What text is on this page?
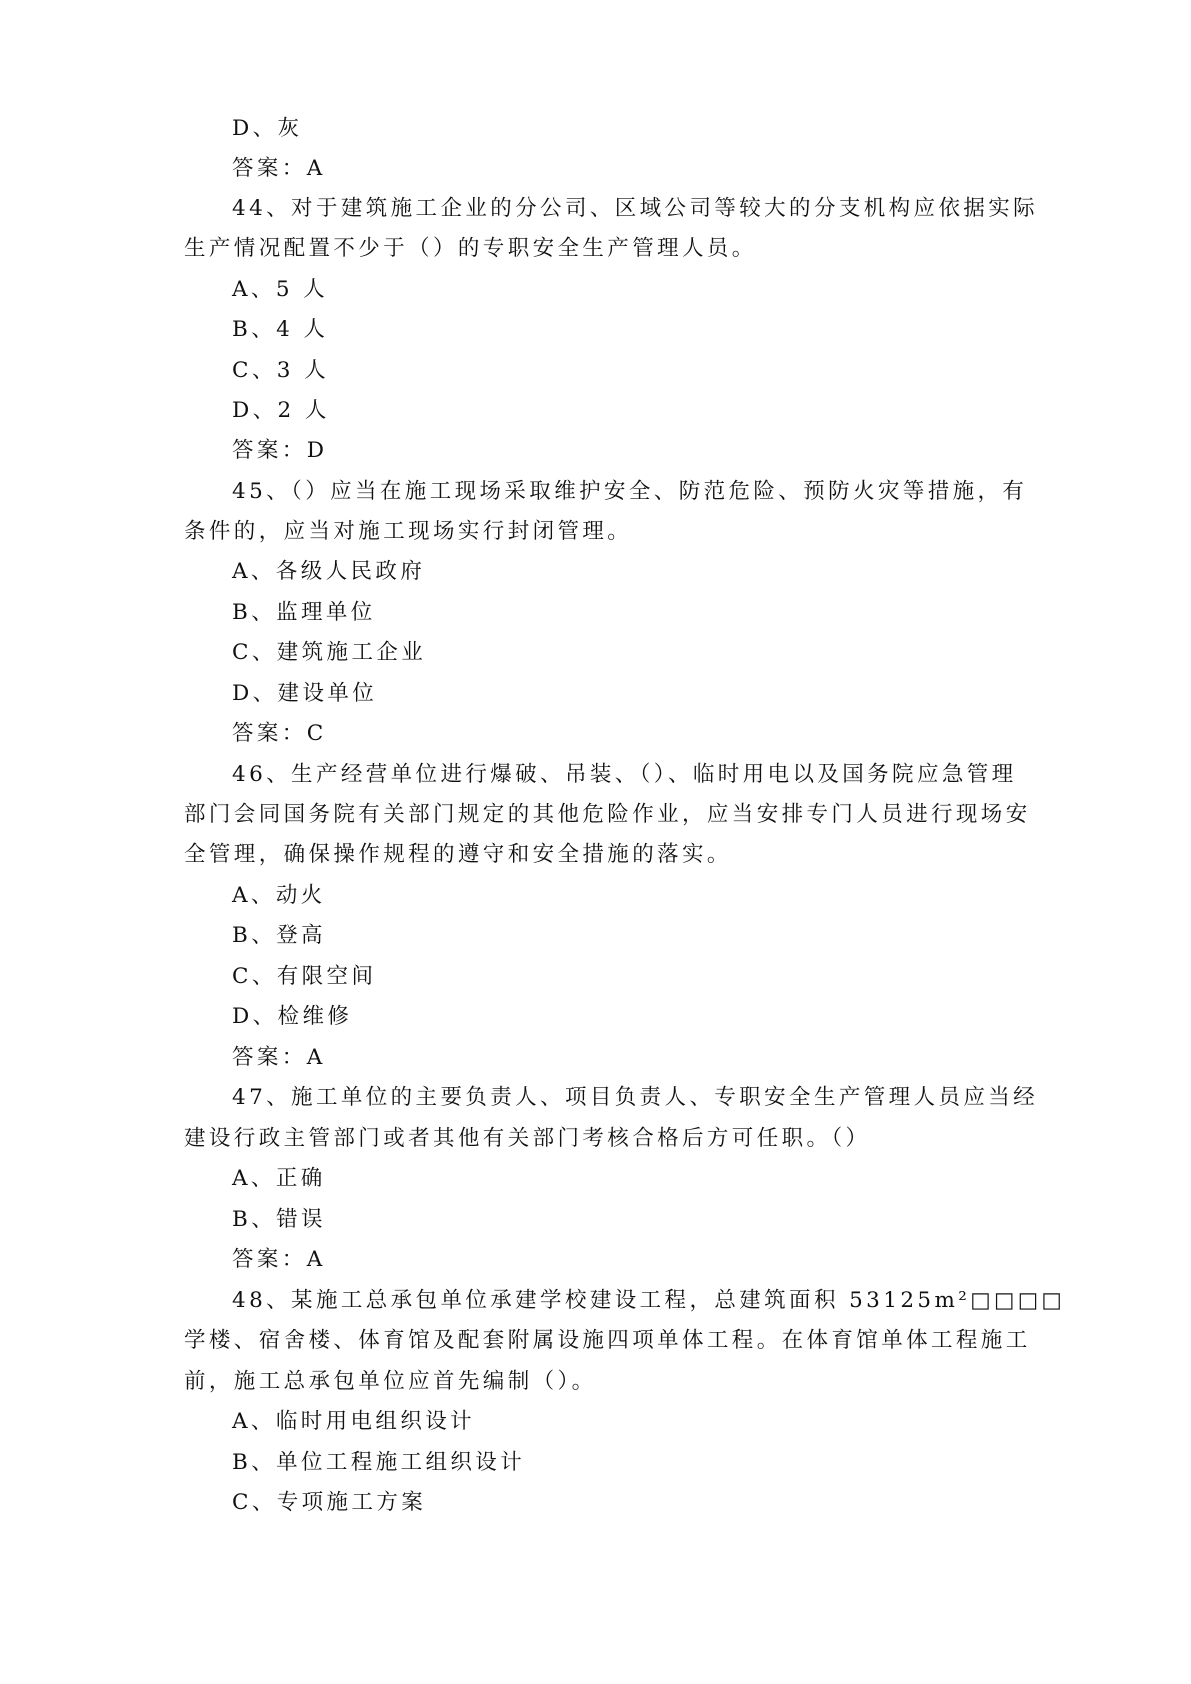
D、灰
答案：A
44、对于建筑施工企业的分公司、区域公司等较大的分支机构应依据实际
生产情况配置不少于（）的专职安全生产管理人员。
A、5 人
B、4 人
C、3 人
D、2 人
答案：D
45、（）应当在施工现场采取维护安全、防范危险、预防火灾等措施，有
条件的，应当对施工现场实行封闭管理。
A、各级人民政府
B、监理单位
C、建筑施工企业
D、建设单位
答案：C
46、生产经营单位进行爆破、吊装、（）、临时用电以及国务院应急管理
部门会同国务院有关部门规定的其他危险作业，应当安排专门人员进行现场安
全管理，确保操作规程的遵守和安全措施的落实。
A、动火
B、登高
C、有限空间
D、检维修
答案：A
47、施工单位的主要负责人、项目负责人、专职安全生产管理人员应当经
建设行政主管部门或者其他有关部门考核合格后方可任职。（）
A、正确
B、错误
答案：A
48、某施工总承包单位承建学校建设工程，总建筑面积 53125m²□□□□
学楼、宿舍楼、体育馆及配套附属设施四项单体工程。在体育馆单体工程施工
前，施工总承包单位应首先编制（）。
A、临时用电组织设计
B、单位工程施工组织设计
C、专项施工方案
